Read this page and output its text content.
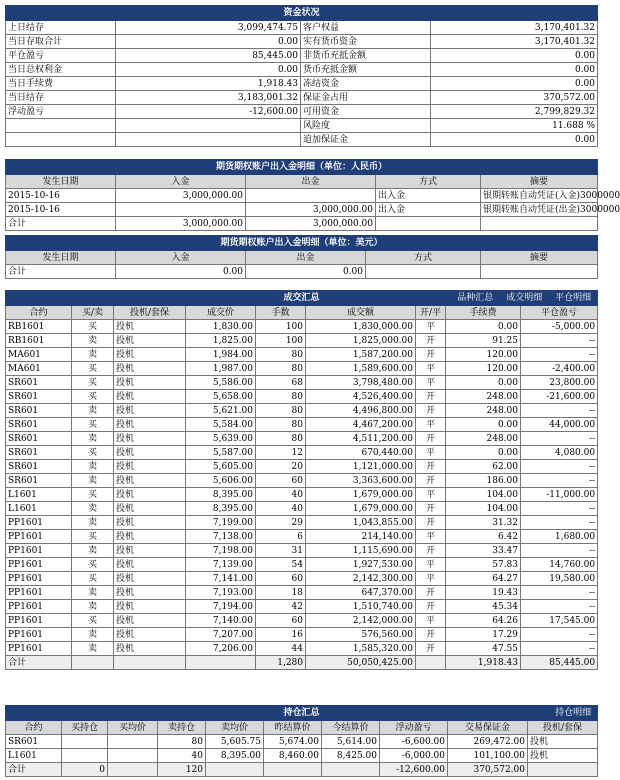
资金状况			
上日结存	3,099,474.75	客户权益	3,170,401.32
当日存取合计	0.00	实有货币资金	3,170,401.32
平仓盈亏	85,445.00	非货币充抵金额	0.00
当日总权利金	0.00	货币充抵金额	0.00
当日手续费	1,918.43	冻结资金	0.00
当日结存	3,183,001.32	保证金占用	370,572.00
浮动盈亏	-12,600.00	可用资金	2,799,829.32
		风险度	11.688 %
		追加保证金	0.00
期货期权账户出入金明细（单位：人民币）				
发生日期	入金	出金	方式	摘要
2015-10-16	3,000,000.00		出入金	银期转账自动凭证(入金)3000000
2015-10-16		3,000,000.00	出入金	银期转账自动凭证(出金)3000000
合计	3,000,000.00	3,000,000.00		
期货期权账户出入金明细（单位：美元）				
发生日期	入金	出金	方式	摘要
合计	0.00	0.00		
成交汇总 品种汇总 成交明细 平仓明细								

合约	买/卖	投机/套保	成交价	手数	成交额	开/平	手续费	平仓盈亏
RB1601	买	投机	1,830.00	100	1,830,000.00	平	0.00	-5,000.00
RB1601	卖	投机	1,825.00	100	1,825,000.00	开	91.25	--
MA601	卖	投机	1,984.00	80	1,587,200.00	开	120.00	--
MA601	买	投机	1,987.00	80	1,589,600.00	平	120.00	-2,400.00
SR601	买	投机	5,586.00	68	3,798,480.00	平	0.00	23,800.00
SR601	买	投机	5,658.00	80	4,526,400.00	开	248.00	-21,600.00
SR601	卖	投机	5,621.00	80	4,496,800.00	开	248.00	--
SR601	买	投机	5,584.00	80	4,467,200.00	平	0.00	44,000.00
SR601	卖	投机	5,639.00	80	4,511,200.00	开	248.00	--
SR601	买	投机	5,587.00	12	670,440.00	平	0.00	4,080.00
SR601	卖	投机	5,605.00	20	1,121,000.00	开	62.00	--
SR601	卖	投机	5,606.00	60	3,363,600.00	开	186.00	--
L1601	买	投机	8,395.00	40	1,679,000.00	平	104.00	-11,000.00
L1601	卖	投机	8,395.00	40	1,679,000.00	开	104.00	--
PP1601	卖	投机	7,199.00	29	1,043,855.00	开	31.32	--
PP1601	买	投机	7,138.00	6	214,140.00	平	6.42	1,680.00
PP1601	卖	投机	7,198.00	31	1,115,690.00	开	33.47	--
PP1601	买	投机	7,139.00	54	1,927,530.00	平	57.83	14,760.00
PP1601	买	投机	7,141.00	60	2,142,300.00	平	64.27	19,580.00
PP1601	卖	投机	7,193.00	18	647,370.00	开	19.43	--
PP1601	卖	投机	7,194.00	42	1,510,740.00	开	45.34	--
PP1601	买	投机	7,140.00	60	2,142,000.00	平	64.26	17,545.00
PP1601	卖	投机	7,207.00	16	576,560.00	开	17.29	--
PP1601	卖	投机	7,206.00	44	1,585,320.00	开	47.55	--
合计				1,280	50,050,425.00		1,918.43	85,445.00
持仓汇总 持仓明细									

合约	买持仓	买均价	卖持仓	卖均价	昨结算价	今结算价	浮动盈亏	交易保证金	投机/套保
SR601			80	5,605.75	5,674.00	5,614.00	-6,600.00	269,472.00	投机
L1601			40	8,395.00	8,460.00	8,425.00	-6,000.00	101,100.00	投机
合计	0		120				-12,600.00	370,572.00	
